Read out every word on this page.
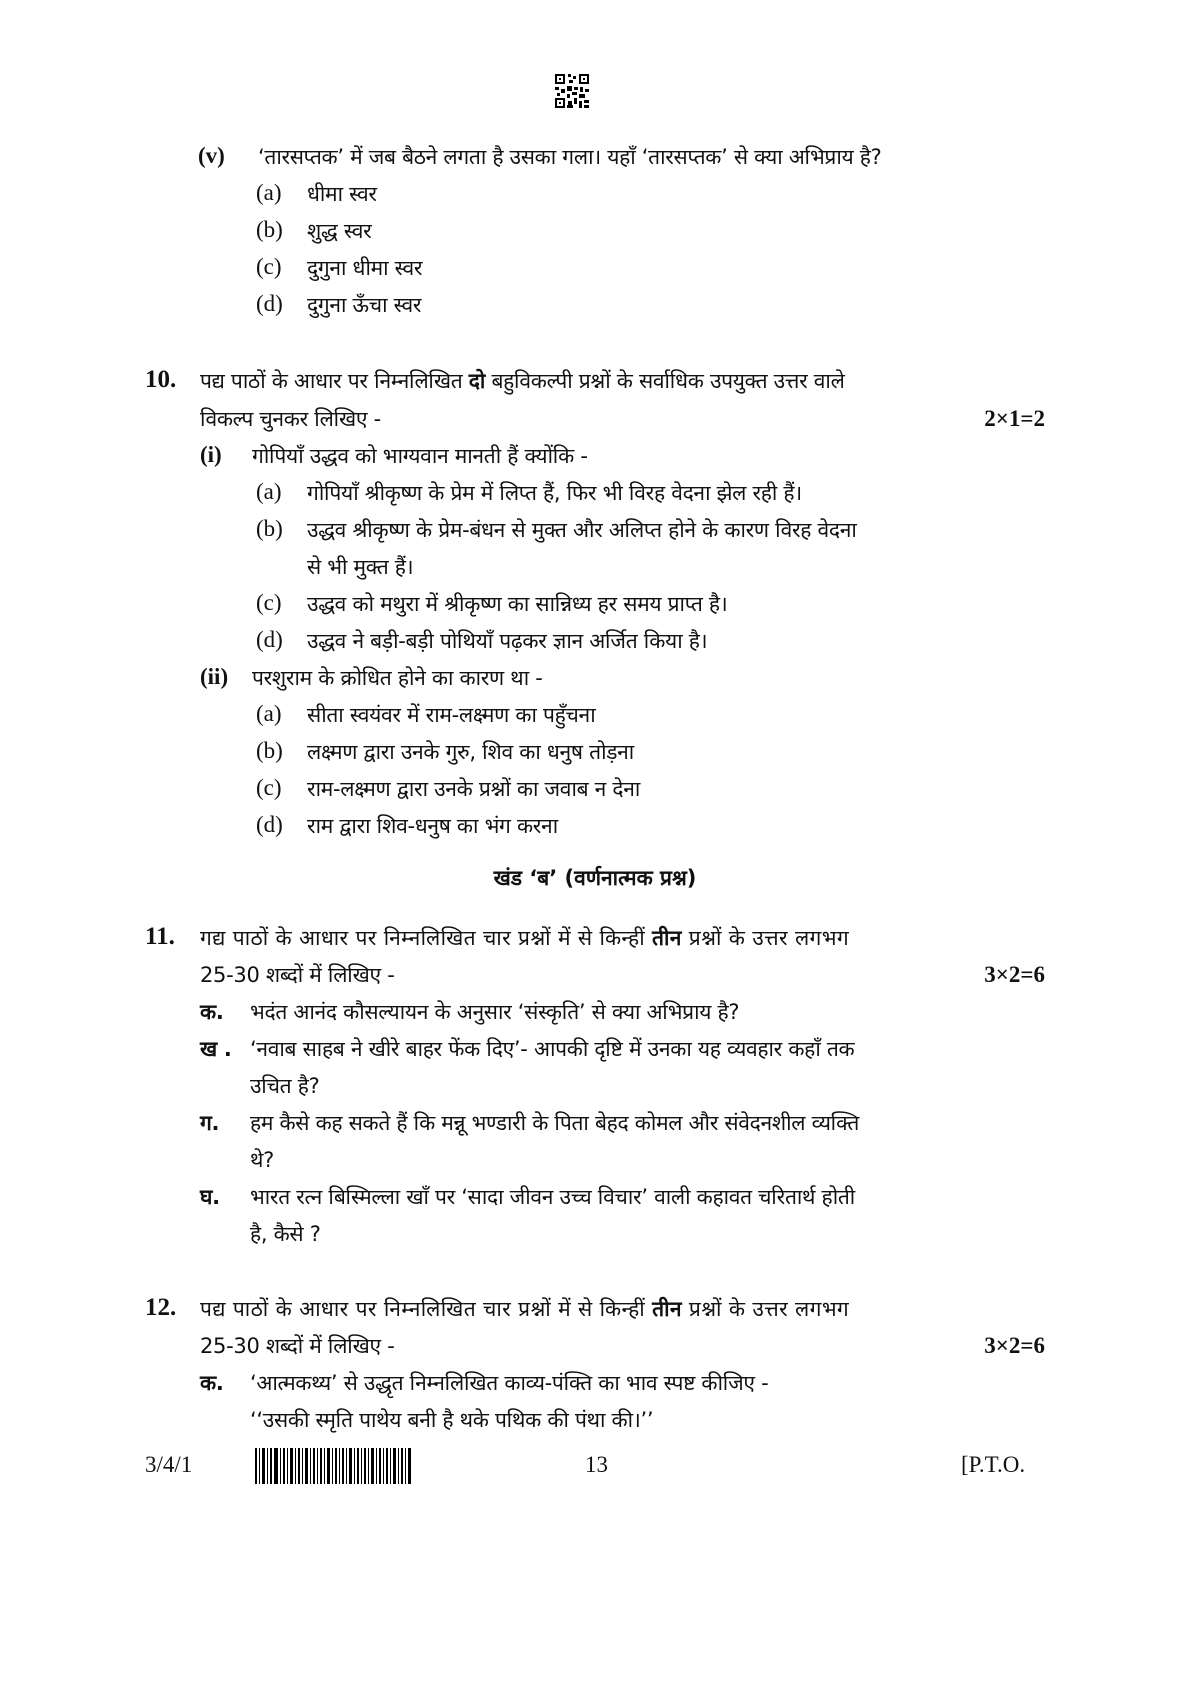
(v) ‘तारसप्तक’ में जब बैठने लगता है उसका गला। यहाँ ‘तारसप्तक’ से क्या अभिप्राय है?
(a) धीमा स्वर
(b) शुद्ध स्वर
(c) दुगुना धीमा स्वर
(d) दुगुना ऊँचा स्वर
10. पद्य पाठों के आधार पर निम्नलिखित दो बहुविकल्पी प्रश्नों के सर्वाधिक उपयुक्त उत्तर वाले
विकल्प चुनकर लिखिए -	2×1=2
(i) गोपियाँ उद्धव को भाग्यवान मानती हैं क्योंकि -
(a) गोपियाँ श्रीकृष्ण के प्रेम में लिप्त हैं, फिर भी विरह वेदना झेल रही हैं।
(b) उद्धव श्रीकृष्ण के प्रेम-बंधन से मुक्त और अलिप्त होने के कारण विरह वेदना
से भी मुक्त हैं।
(c) उद्धव को मथुरा में श्रीकृष्ण का सान्निध्य हर समय प्राप्त है।
(d) उद्धव ने बड़ी-बड़ी पोथियाँ पढ़कर ज्ञान अर्जित किया है।
(ii) परशुराम के क्रोधित होने का कारण था -
(a) सीता स्वयंवर में राम-लक्ष्मण का पहुँचना
(b) लक्ष्मण द्वारा उनके गुरु, शिव का धनुष तोड़ना
(c) राम-लक्ष्मण द्वारा उनके प्रश्नों का जवाब न देना
(d) राम द्वारा शिव-धनुष का भंग करना
खंड ‘ब’ (वर्णनात्मक प्रश्न)
11. गद्य पाठों के आधार पर निम्नलिखित चार प्रश्नों में से किन्हीं तीन प्रश्नों के उत्तर लगभग
25-30 शब्दों में लिखिए -	3×2=6
क. भदंत आनंद कौसल्यायन के अनुसार ‘संस्कृति’ से क्या अभिप्राय है?
ख . ‘नवाब साहब ने खीरे बाहर फेंक दिए’- आपकी दृष्टि में उनका यह व्यवहार कहाँ तक
उचित है?
ग. हम कैसे कह सकते हैं कि मन्नू भण्डारी के पिता बेहद कोमल और संवेदनशील व्यक्ति
थे?
घ. भारत रत्न बिस्मिल्ला खाँ पर ‘सादा जीवन उच्च विचार’ वाली कहावत चरितार्थ होती
है, कैसे ?
12. पद्य पाठों के आधार पर निम्नलिखित चार प्रश्नों में से किन्हीं तीन प्रश्नों के उत्तर लगभग
25-30 शब्दों में लिखिए -	3×2=6
क. ‘आत्मकथ्य’ से उद्धृत निम्नलिखित काव्य-पंक्ति का भाव स्पष्ट कीजिए -
‘‘उसकी स्मृति पाथेय बनी है थके पथिक की पंथा की।’’
3/4/1	13	[P.T.O.
